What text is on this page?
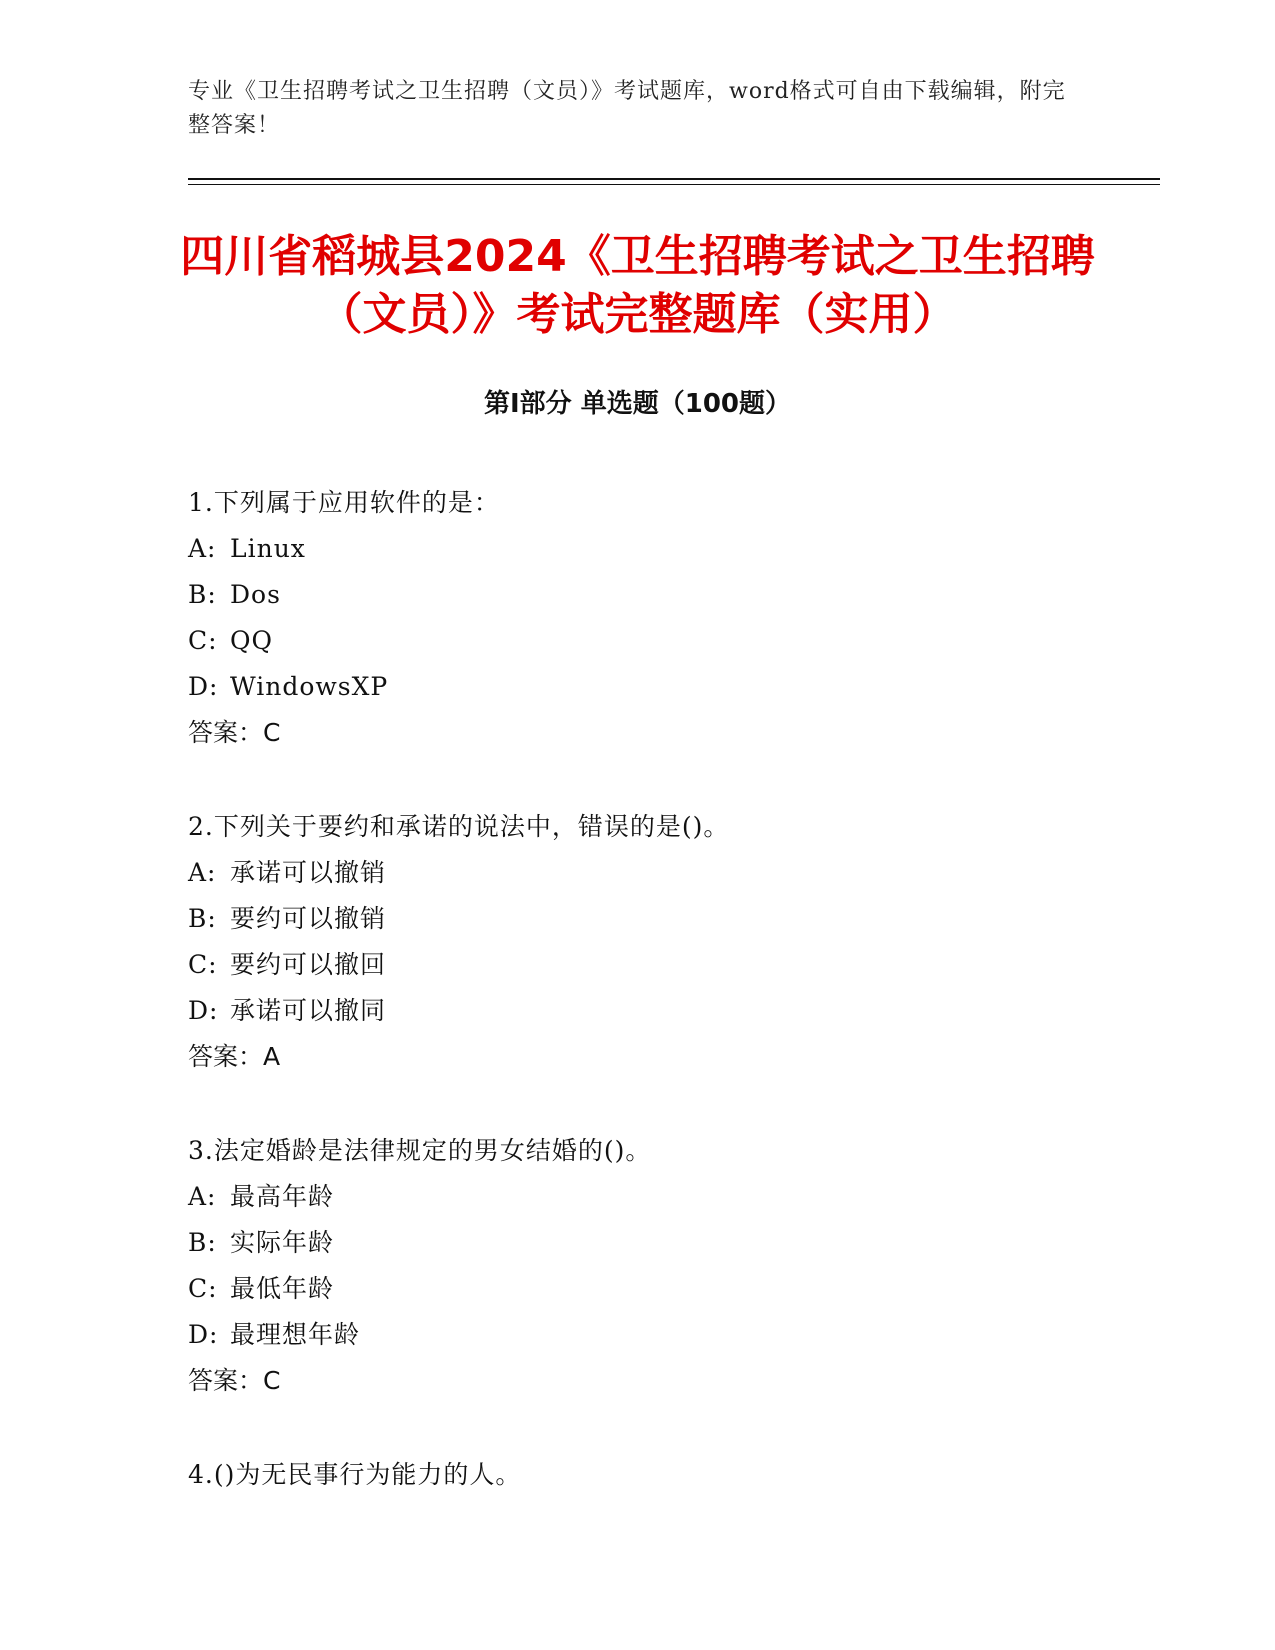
专业《卫生招聘考试之卫生招聘（文员）》考试题库，word格式可自由下载编辑，附完整答案！
四川省稻城县2024《卫生招聘考试之卫生招聘（文员）》考试完整题库（实用）
第Ⅰ部分 单选题（100题）
1.下列属于应用软件的是：
A: Linux
B: Dos
C: QQ
D: WindowsXP
答案：C
2.下列关于要约和承诺的说法中，错误的是()。
A: 承诺可以撤销
B: 要约可以撤销
C: 要约可以撤回
D: 承诺可以撤同
答案：A
3.法定婚龄是法律规定的男女结婚的()。
A: 最高年龄
B: 实际年龄
C: 最低年龄
D: 最理想年龄
答案：C
4.()为无民事行为能力的人。
